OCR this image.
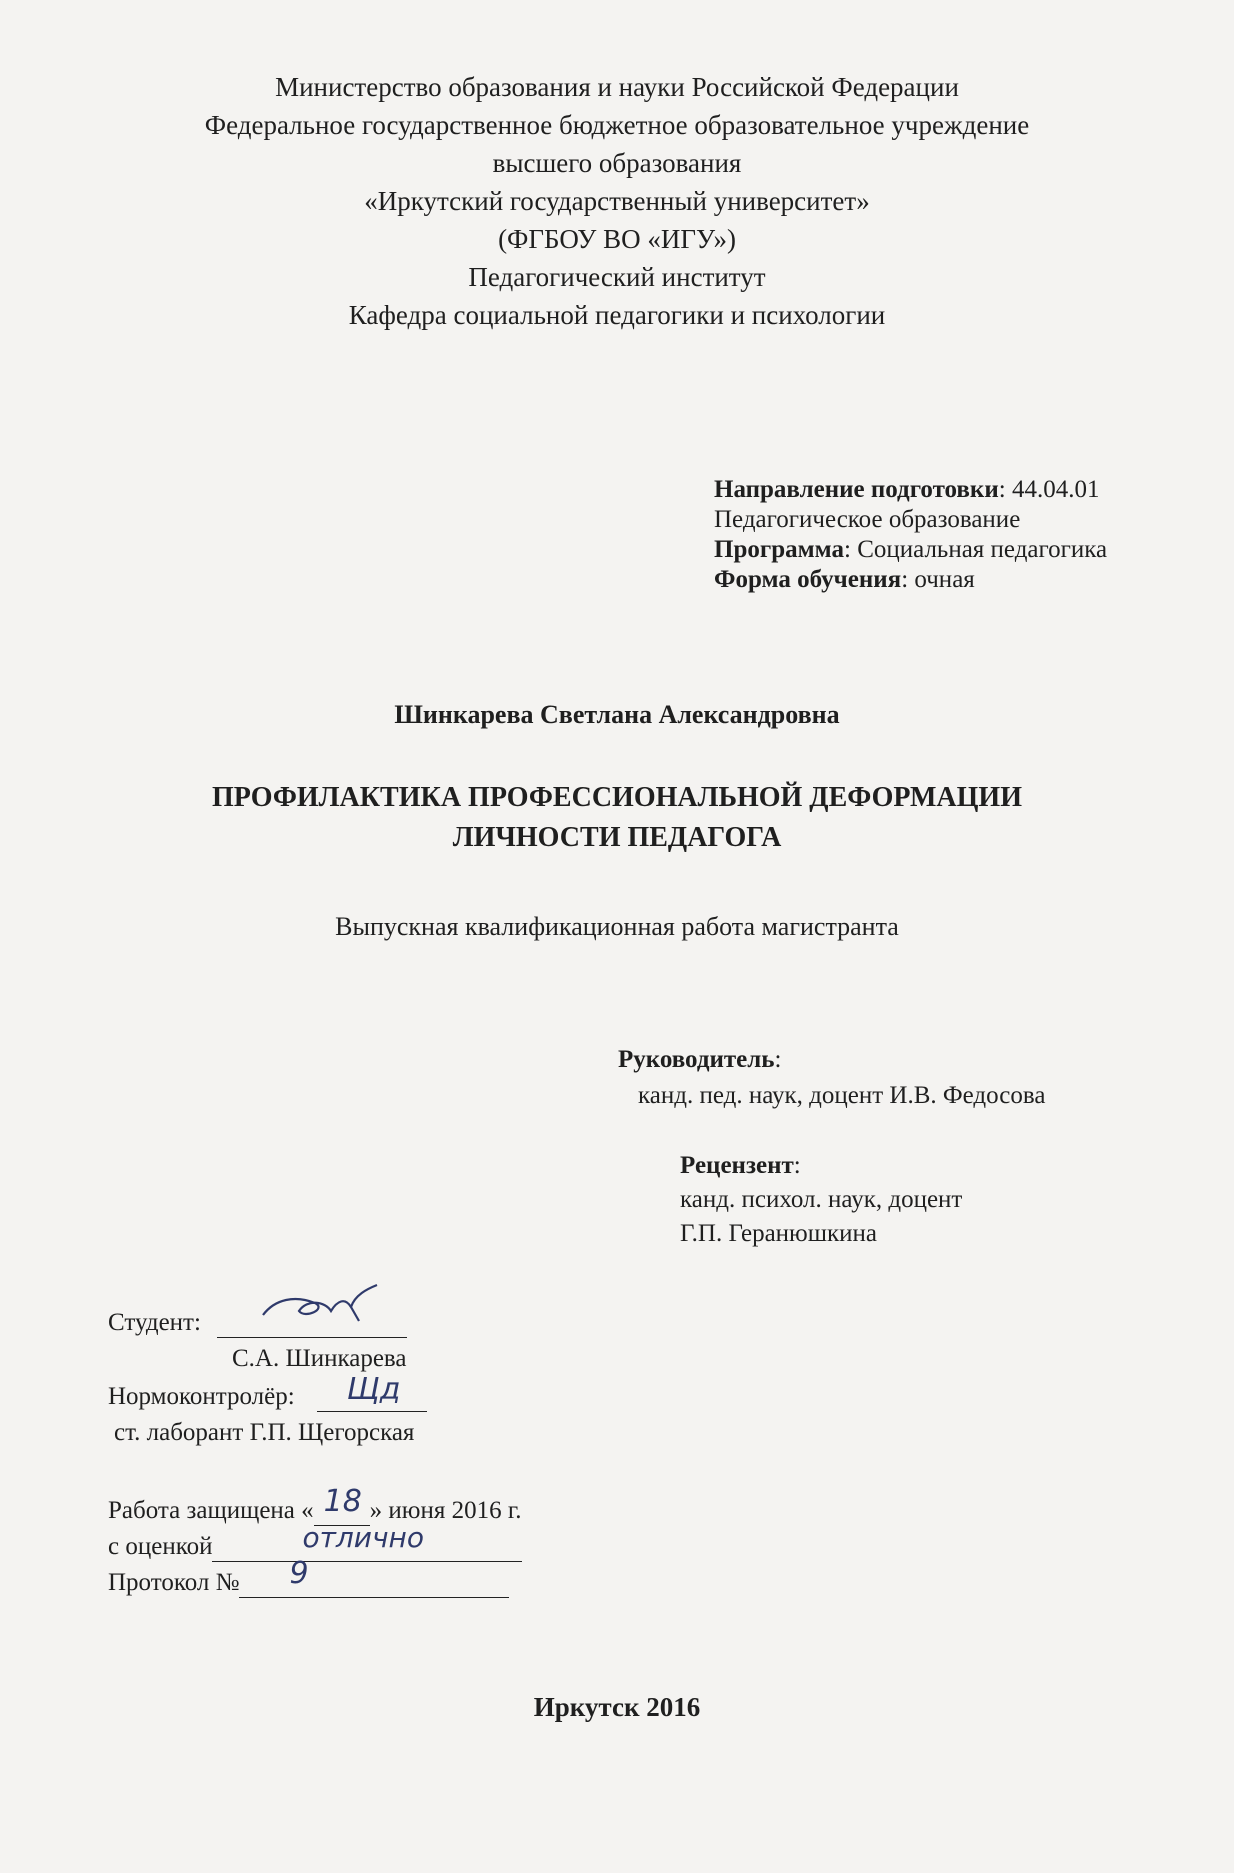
Министерство образования и науки Российской Федерации
Федеральное государственное бюджетное образовательное учреждение
высшего образования
«Иркутский государственный университет»
(ФГБОУ ВО «ИГУ»)
Педагогический институт
Кафедра социальной педагогики и психологии
Направление подготовки: 44.04.01
Педагогическое образование
Программа: Социальная педагогика
Форма обучения: очная
Шинкарева Светлана Александровна
ПРОФИЛАКТИКА ПРОФЕССИОНАЛЬНОЙ ДЕФОРМАЦИИ
ЛИЧНОСТИ ПЕДАГОГА
Выпускная квалификационная работа магистранта
Руководитель:
канд. пед. наук, доцент И.В. Федосова
Рецензент:
канд. психол. наук, доцент
Г.П. Геранюшкина
Студент:
С.А. Шинкарева
Нормоконтролёр: Щд
ст. лаборант Г.П. Щегорская
Работа защищена « 18 » июня 2016 г.
с оценкой	отлично
Протокол № 9
Иркутск 2016
